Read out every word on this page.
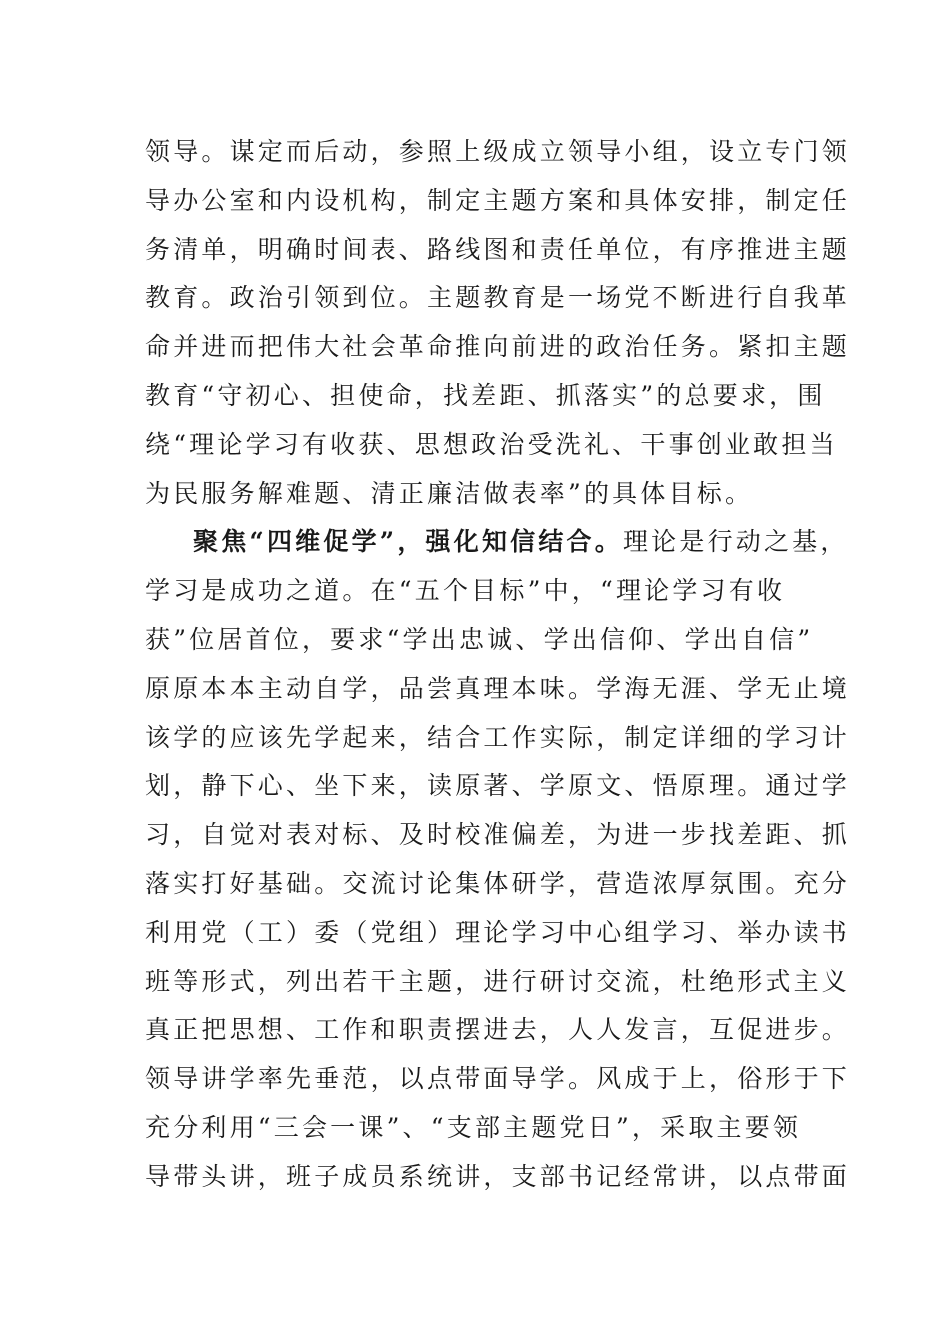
领导。谋定而后动，参照上级成立领导小组，设立专门领
导办公室和内设机构，制定主题方案和具体安排，制定任
务清单，明确时间表、路线图和责任单位，有序推进主题
教育。政治引领到位。主题教育是一场党不断进行自我革
命并进而把伟大社会革命推向前进的政治任务。紧扣主题
教育“守初心、担使命，找差距、抓落实”的总要求，围
绕“理论学习有收获、思想政治受洗礼、干事创业敢担当
为民服务解难题、清正廉洁做表率”的具体目标。
聚焦“四维促学”，强化知信结合。理论是行动之基，
学习是成功之道。在“五个目标”中，“理论学习有收
获”位居首位，要求“学出忠诚、学出信仰、学出自信”
原原本本主动自学，品尝真理本味。学海无涯、学无止境
该学的应该先学起来，结合工作实际，制定详细的学习计
划，静下心、坐下来，读原著、学原文、悟原理。通过学
习，自觉对表对标、及时校准偏差，为进一步找差距、抓
落实打好基础。交流讨论集体研学，营造浓厚氛围。充分
利用党（工）委（党组）理论学习中心组学习、举办读书
班等形式，列出若干主题，进行研讨交流，杜绝形式主义
真正把思想、工作和职责摆进去，人人发言，互促进步。
领导讲学率先垂范，以点带面导学。风成于上，俗形于下
充分利用“三会一课”、“支部主题党日”，采取主要领
导带头讲，班子成员系统讲，支部书记经常讲，以点带面
